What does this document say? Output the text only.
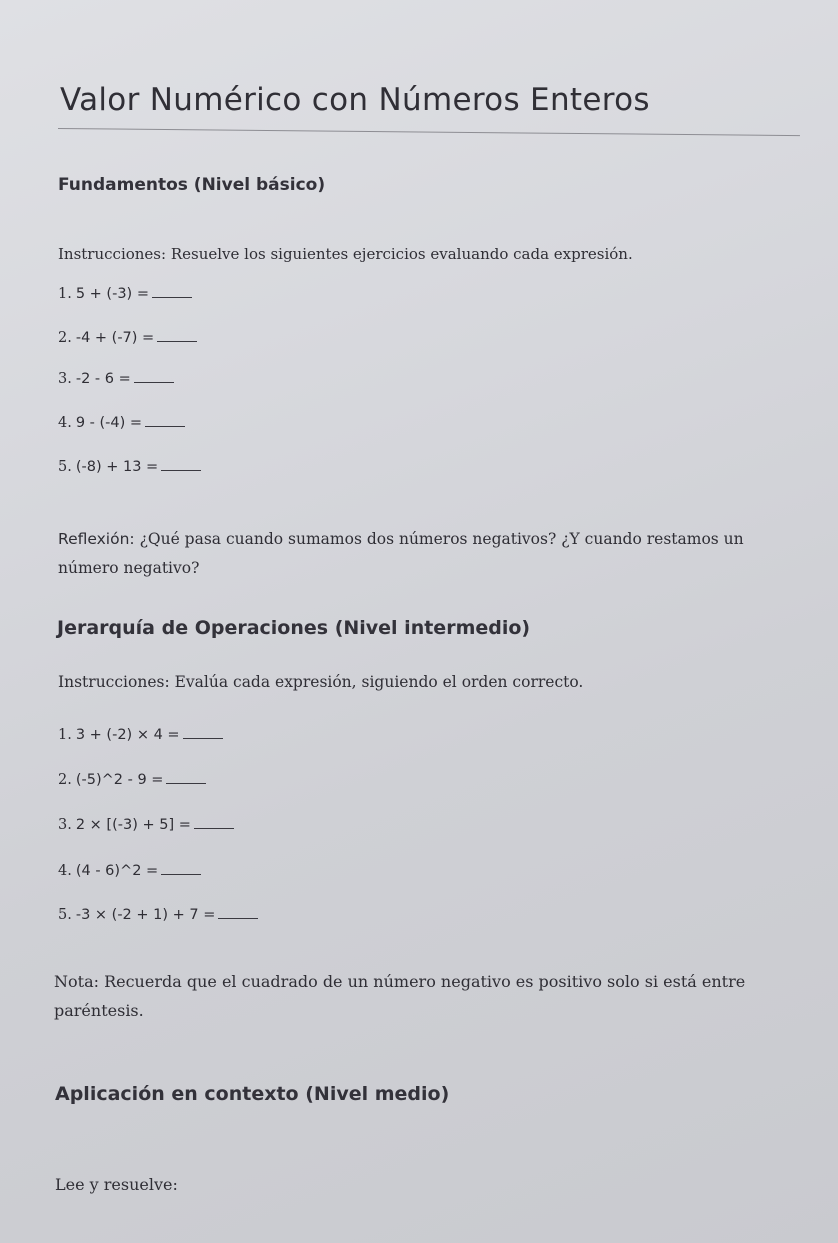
Valor Numérico con Números Enteros
Fundamentos (Nivel básico)
Instrucciones: Resuelve los siguientes ejercicios evaluando cada expresión.
1. 5 + (-3) =
2. -4 + (-7) =
3. -2 - 6 =
4. 9 - (-4) =
5. (-8) + 13 =
Reflexión: ¿Qué pasa cuando sumamos dos números negativos? ¿Y cuando restamos un número negativo?
Jerarquía de Operaciones (Nivel intermedio)
Instrucciones: Evalúa cada expresión, siguiendo el orden correcto.
1. 3 + (-2) × 4 =
2. (-5)^2 - 9 =
3. 2 × [(-3) + 5] =
4. (4 - 6)^2 =
5. -3 × (-2 + 1) + 7 =
Nota: Recuerda que el cuadrado de un número negativo es positivo solo si está entre paréntesis.
Aplicación en contexto (Nivel medio)
Lee y resuelve:
